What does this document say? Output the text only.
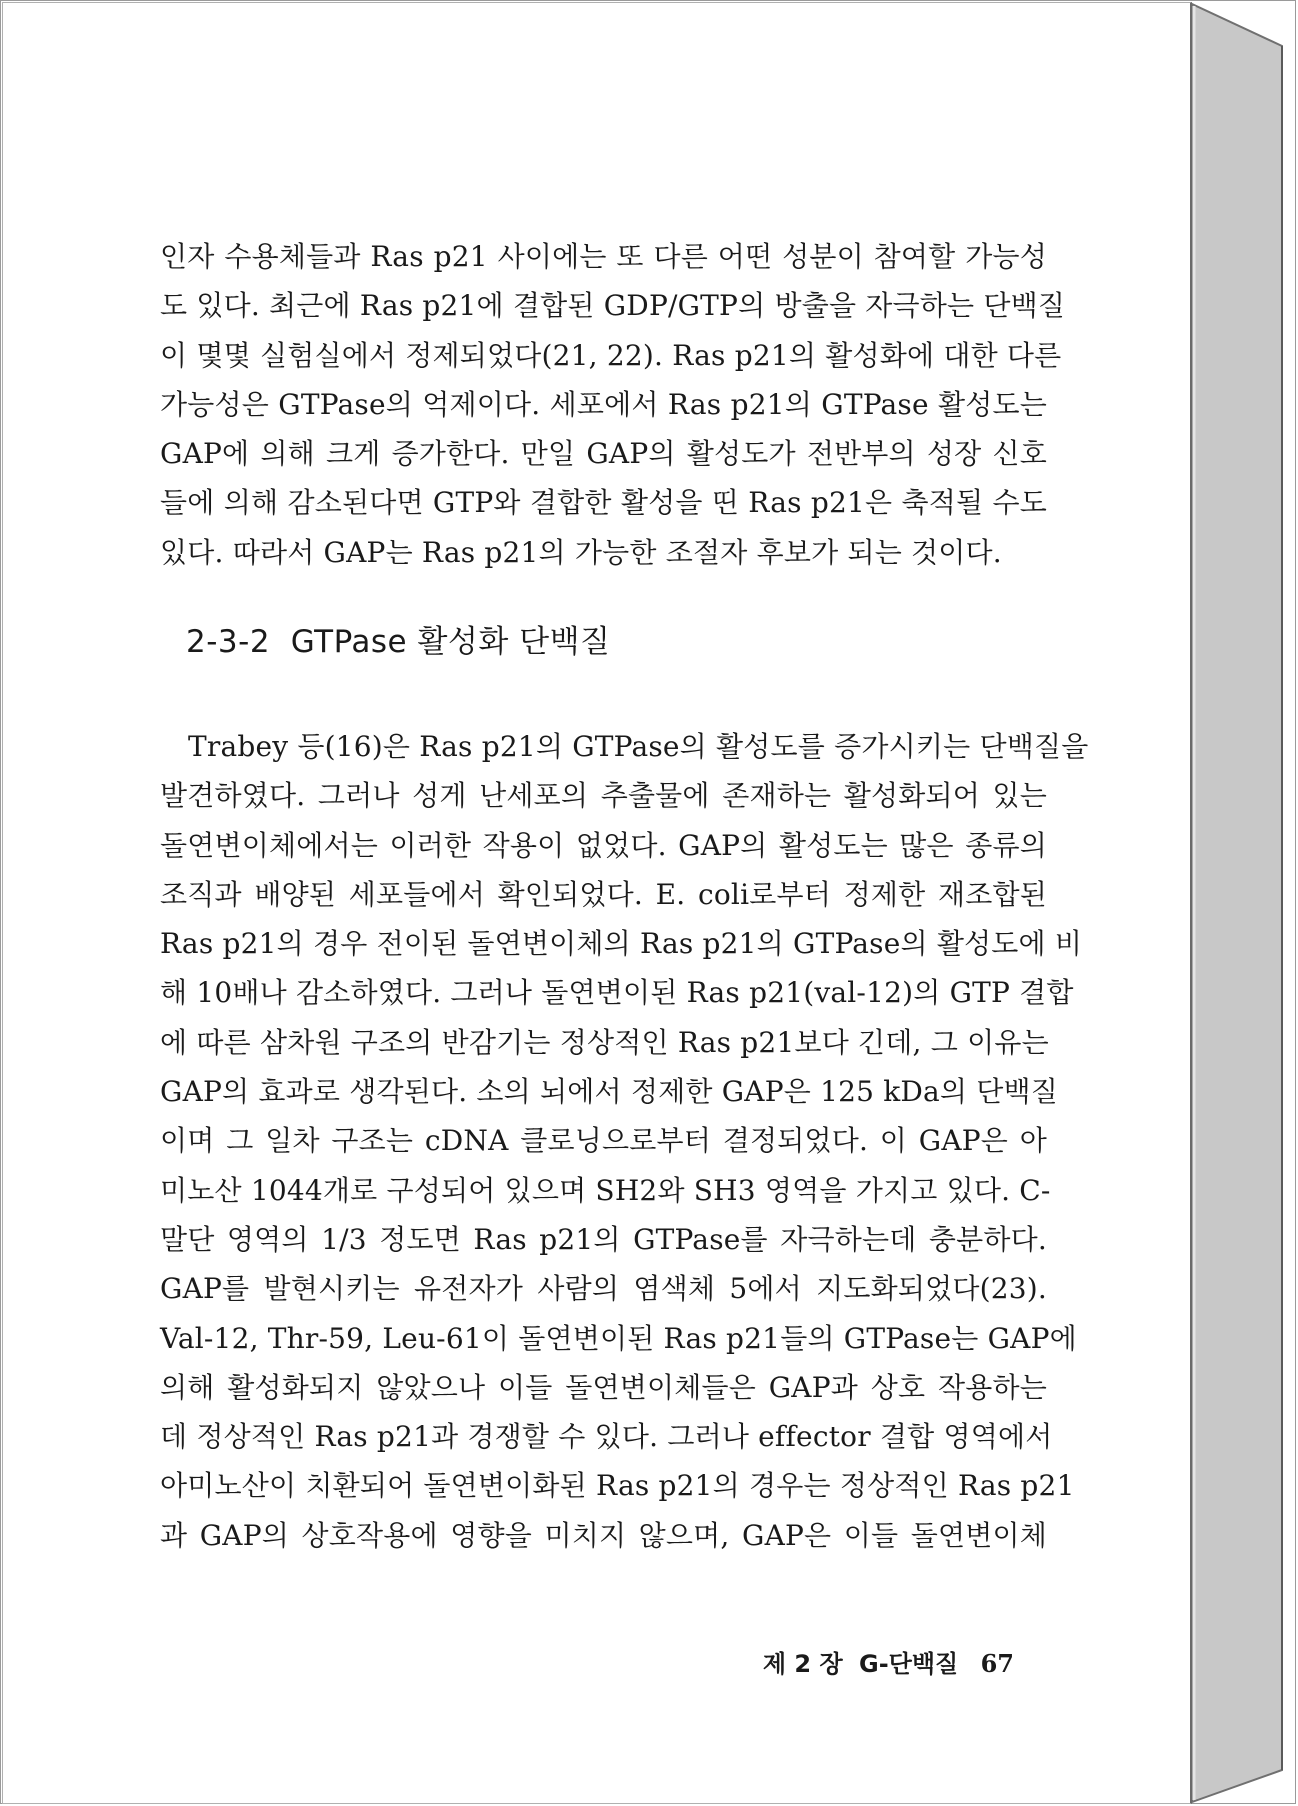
인자 수용체들과 Ras p21 사이에는 또 다른 어떤 성분이 참여할 가능성
도 있다. 최근에 Ras p21에 결합된 GDP/GTP의 방출을 자극하는 단백질
이 몇몇 실험실에서 정제되었다(21, 22). Ras p21의 활성화에 대한 다른
가능성은 GTPase의 억제이다. 세포에서 Ras p21의 GTPase 활성도는
GAP에 의해 크게 증가한다. 만일 GAP의 활성도가 전반부의 성장 신호
들에 의해 감소된다면 GTP와 결합한 활성을 띤 Ras p21은 축적될 수도
있다. 따라서 GAP는 Ras p21의 가능한 조절자 후보가 되는 것이다.
2-3-2  GTPase 활성화 단백질
Trabey 등(16)은 Ras p21의 GTPase의 활성도를 증가시키는 단백질을
발견하였다. 그러나 성게 난세포의 추출물에 존재하는 활성화되어 있는
돌연변이체에서는 이러한 작용이 없었다. GAP의 활성도는 많은 종류의
조직과 배양된 세포들에서 확인되었다. E. coli로부터 정제한 재조합된
Ras p21의 경우 전이된 돌연변이체의 Ras p21의 GTPase의 활성도에 비
해 10배나 감소하였다. 그러나 돌연변이된 Ras p21(val-12)의 GTP 결합
에 따른 삼차원 구조의 반감기는 정상적인 Ras p21보다 긴데, 그 이유는
GAP의 효과로 생각된다. 소의 뇌에서 정제한 GAP은 125 kDa의 단백질
이며 그 일차 구조는 cDNA 클로닝으로부터 결정되었다. 이 GAP은 아
미노산 1044개로 구성되어 있으며 SH2와 SH3 영역을 가지고 있다. C-
말단 영역의 1/3 정도면 Ras p21의 GTPase를 자극하는데 충분하다.
GAP를 발현시키는 유전자가 사람의 염색체 5에서 지도화되었다(23).
Val-12, Thr-59, Leu-61이 돌연변이된 Ras p21들의 GTPase는 GAP에
의해 활성화되지 않았으나 이들 돌연변이체들은 GAP과 상호 작용하는
데 정상적인 Ras p21과 경쟁할 수 있다. 그러나 effector 결합 영역에서
아미노산이 치환되어 돌연변이화된 Ras p21의 경우는 정상적인 Ras p21
과 GAP의 상호작용에 영향을 미치지 않으며, GAP은 이들 돌연변이체
제 2 장 G-단백질 67
